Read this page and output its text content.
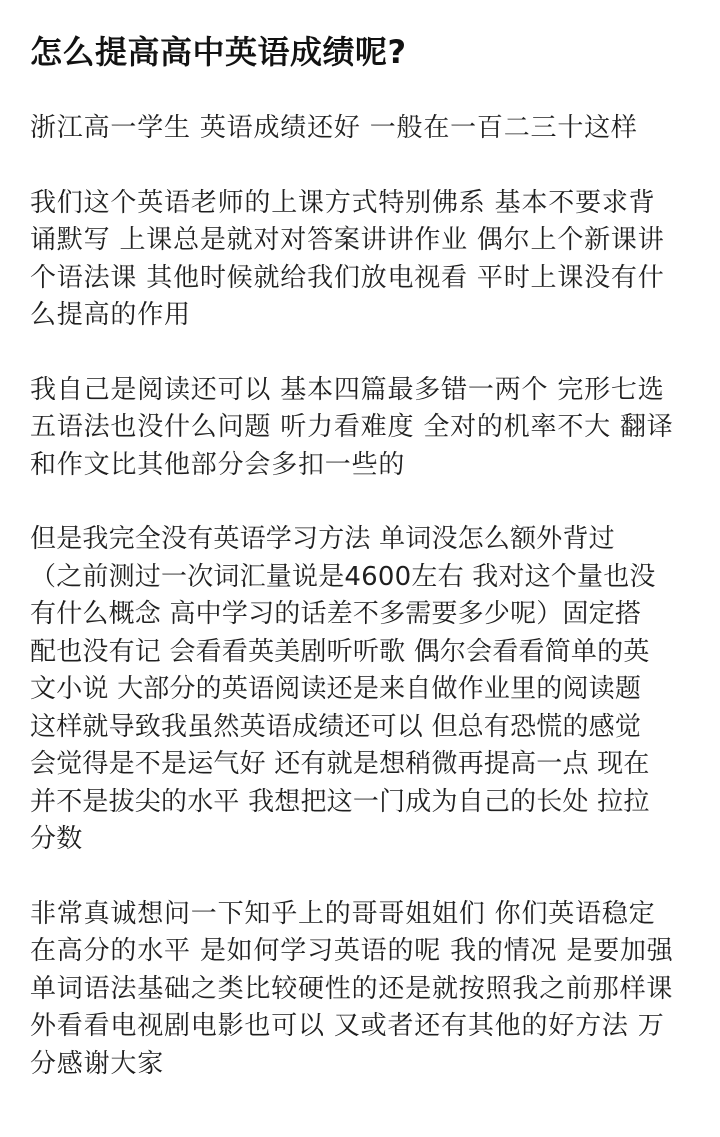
怎么提高高中英语成绩呢?

浙江高一学生 英语成绩还好 一般在一百二三十这样

我们这个英语老师的上课方式特别佛系 基本不要求背
诵默写 上课总是就对对答案讲讲作业 偶尔上个新课讲
个语法课 其他时候就给我们放电视看 平时上课没有什
么提高的作用

我自己是阅读还可以 基本四篇最多错一两个 完形七选
五语法也没什么问题 听力看难度 全对的机率不大 翻译
和作文比其他部分会多扣一些的

但是我完全没有英语学习方法 单词没怎么额外背过
（之前测过一次词汇量说是4600左右 我对这个量也没
有什么概念 高中学习的话差不多需要多少呢）固定搭
配也没有记 会看看英美剧听听歌 偶尔会看看简单的英
文小说 大部分的英语阅读还是来自做作业里的阅读题
这样就导致我虽然英语成绩还可以 但总有恐慌的感觉
会觉得是不是运气好 还有就是想稍微再提高一点 现在
并不是拔尖的水平 我想把这一门成为自己的长处 拉拉
分数

非常真诚想问一下知乎上的哥哥姐姐们 你们英语稳定
在高分的水平 是如何学习英语的呢 我的情况 是要加强
单词语法基础之类比较硬性的还是就按照我之前那样课
外看看电视剧电影也可以 又或者还有其他的好方法 万
分感谢大家
